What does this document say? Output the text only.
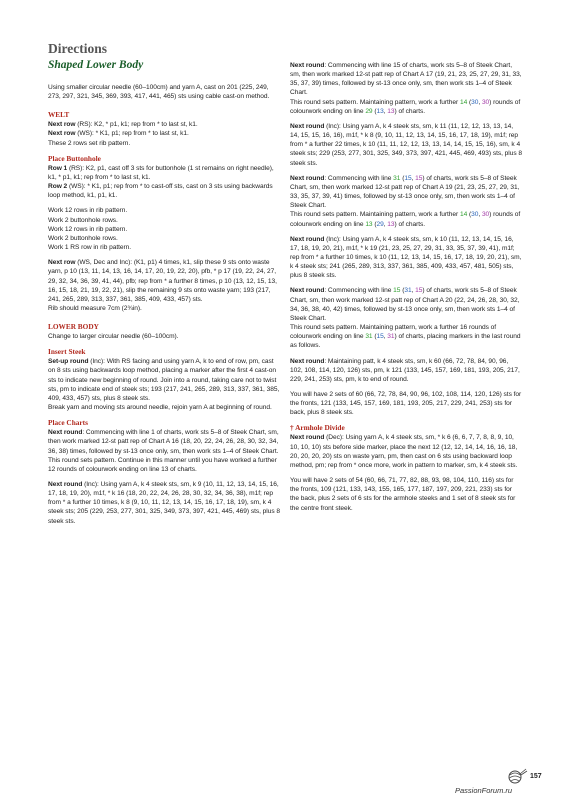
Directions
Shaped Lower Body

Using smaller circular needle (60–100cm) and yarn A, cast on 201 (225, 249, 273, 297, 321, 345, 369, 393, 417, 441, 465) sts using cable cast-on method.

WELT

Next row (RS): K2, * p1, k1; rep from * to last st, k1.

Next row (WS): * K1, p1; rep from * to last st, k1.

These 2 rows set rib pattern.

Place Buttonhole

Row 1 (RS): K2, p1, cast off 3 sts for buttonhole (1 st remains on right needle), k1, * p1, k1; rep from * to last st, k1.

Row 2 (WS): * K1, p1; rep from * to cast-off sts, cast on 3 sts using backwards loop method, k1, p1, k1.

Work 12 rows in rib pattern.

Work 2 buttonhole rows.

Work 12 rows in rib pattern.

Work 2 buttonhole rows.

Work 1 RS row in rib pattern.

Next row (WS, Dec and Inc): (K1, p1) 4 times, k1, slip these 9 sts onto waste yarn, p 10 (13, 11, 14, 13, 16, 14, 17, 20, 19, 22, 20), pfb, * p 17 (19, 22, 24, 27, 29, 32, 34, 36, 39, 41, 44), pfb; rep from * a further 8 times, p 10 (13, 12, 15, 13, 16, 15, 18, 21, 19, 22, 21), slip the remaining 9 sts onto waste yarn; 193 (217, 241, 265, 289, 313, 337, 361, 385, 409, 433, 457) sts.

Rib should measure 7cm (2¾in).

LOWER BODY

Change to larger circular needle (60–100cm).

Insert Steek

Set-up round (Inc): With RS facing and using yarn A, k to end of row, pm, cast on 8 sts using backwards loop method, placing a marker after the first 4 cast-on sts to indicate new beginning of round. Join into a round, taking care not to twist sts, pm to indicate end of steek sts; 193 (217, 241, 265, 289, 313, 337, 361, 385, 409, 433, 457) sts, plus 8 steek sts.

Break yarn and moving sts around needle, rejoin yarn A at beginning of round.

Place Charts

Next round: Commencing with line 1 of charts, work sts 5–8 of Steek Chart, sm, then work marked 12-st patt rep of Chart A 16 (18, 20, 22, 24, 26, 28, 30, 32, 34, 36, 38) times, followed by st-13 once only, sm, then work sts 1–4 of Steek Chart.

This round sets pattern. Continue in this manner until you have worked a further 12 rounds of colourwork ending on line 13 of charts.

Next round (Inc): Using yarn A, k 4 steek sts, sm, k 9 (10, 11, 12, 13, 14, 15, 16, 17, 18, 19, 20), m1f, * k 16 (18, 20, 22, 24, 26, 28, 30, 32, 34, 36, 38), m1f; rep from * a further 10 times, k 8 (9, 10, 11, 12, 13, 14, 15, 16, 17, 18, 19), sm, k 4 steek sts; 205 (229, 253, 277, 301, 325, 349, 373, 397, 421, 445, 469) sts, plus 8 steek sts.

Next round: Commencing with line 15 of charts, work sts 5–8 of Steek Chart, sm, then work marked 12-st patt rep of Chart A 17 (19, 21, 23, 25, 27, 29, 31, 33, 35, 37, 39) times, followed by st-13 once only, sm, then work sts 1–4 of Steek Chart.

This round sets pattern. Maintaining pattern, work a further 14 (30, 30) rounds of colourwork ending on line 29 (13, 13) of charts.

Next round (Inc): Using yarn A, k 4 steek sts, sm, k 11 (11, 12, 12, 13, 13, 14, 14, 15, 15, 16, 16), m1f, * k 8 (9, 10, 11, 12, 13, 14, 15, 16, 17, 18, 19), m1f; rep from * a further 22 times, k 10 (11, 11, 12, 12, 13, 13, 14, 14, 15, 15, 16), sm, k 4 steek sts; 229 (253, 277, 301, 325, 349, 373, 397, 421, 445, 469, 493) sts, plus 8 steek sts.

Next round: Commencing with line 31 (15, 15) of charts, work sts 5–8 of Steek Chart, sm, then work marked 12-st patt rep of Chart A 19 (21, 23, 25, 27, 29, 31, 33, 35, 37, 39, 41) times, followed by st-13 once only, sm, then work sts 1–4 of Steek Chart.

This round sets pattern. Maintaining pattern, work a further 14 (30, 30) rounds of colourwork ending on line 13 (29, 13) of charts.

Next round (Inc): Using yarn A, k 4 steek sts, sm, k 10 (11, 12, 13, 14, 15, 16, 17, 18, 19, 20, 21), m1f, * k 19 (21, 23, 25, 27, 29, 31, 33, 35, 37, 39, 41), m1f; rep from * a further 10 times, k 10 (11, 12, 13, 14, 15, 16, 17, 18, 19, 20, 21), sm, k 4 steek sts; 241 (265, 289, 313, 337, 361, 385, 409, 433, 457, 481, 505) sts, plus 8 steek sts.

Next round: Commencing with line 15 (31, 15) of charts, work sts 5–8 of Steek Chart, sm, then work marked 12-st patt rep of Chart A 20 (22, 24, 26, 28, 30, 32, 34, 36, 38, 40, 42) times, followed by st-13 once only, sm, then work sts 1–4 of Steek Chart.

This round sets pattern. Maintaining pattern, work a further 16 rounds of colourwork ending on line 31 (15, 31) of charts, placing markers in the last round as follows.

Next round: Maintaining patt, k 4 steek sts, sm, k 60 (66, 72, 78, 84, 90, 96, 102, 108, 114, 120, 126) sts, pm, k 121 (133, 145, 157, 169, 181, 193, 205, 217, 229, 241, 253) sts, pm, k to end of round.

You will have 2 sets of 60 (66, 72, 78, 84, 90, 96, 102, 108, 114, 120, 126) sts for the fronts, 121 (133, 145, 157, 169, 181, 193, 205, 217, 229, 241, 253) sts for back, plus 8 steek sts.

† Armhole Divide

Next round (Dec): Using yarn A, k 4 steek sts, sm, * k 6 (6, 6, 7, 7, 8, 8, 9, 10, 10, 10, 10) sts before side marker, place the next 12 (12, 12, 14, 14, 16, 16, 18, 20, 20, 20, 20) sts on waste yarn, pm, then cast on 6 sts using backward loop method, pm; rep from * once more, work in pattern to marker, sm, k 4 steek sts.

You will have 2 sets of 54 (60, 66, 71, 77, 82, 88, 93, 98, 104, 110, 116) sts for the fronts, 109 (121, 133, 143, 155, 165, 177, 187, 197, 209, 221, 233) sts for the back, plus 2 sets of 6 sts for the armhole steeks and 1 set of 8 steek sts for the centre front steek.

157
PassionForum.ru
